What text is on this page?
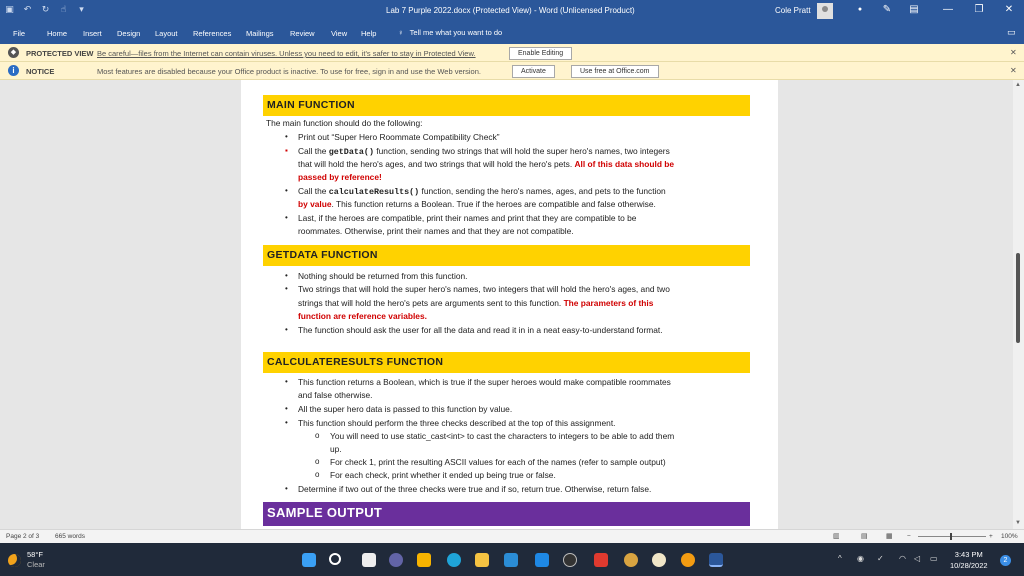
▣ ↶ ↻	☝	▾	Lab 7 Purple 2022.docx (Protected View) - Word (Unlicensed Product)	Cole Pratt	●	✎ ▤ — ❐ ✕
File	Home Insert Design Layout References Mailings Review View Help	♀ Tell me what you want to do	▭
◆	PROTECTED VIEW Be careful—files from the Internet can contain viruses. Unless you need to edit, it's safer to stay in Protected View.	Enable Editing	✕
i	NOTICE	Most features are disabled because your Office product is inactive. To use for free, sign in and use the Web version.	Activate	Use free at Office.com	✕
MAIN FUNCTION
The main function should do the following:
• Print out “Super Hero Roommate Compatibility Check”
▪ Call the getData() function, sending two strings that will hold the super hero's names, two integers
that will hold the hero's ages, and two strings that will hold the hero's pets. All of this data should be
passed by reference!
• Call the calculateResults() function, sending the hero's names, ages, and pets to the function
by value. This function returns a Boolean. True if the heroes are compatible and false otherwise.
• Last, if the heroes are compatible, print their names and print that they are compatible to be
roommates. Otherwise, print their names and that they are not compatible.
GETDATA FUNCTION
• Nothing should be returned from this function.
• Two strings that will hold the super hero's names, two integers that will hold the hero's ages, and two
strings that will hold the hero's pets are arguments sent to this function. The parameters of this
function are reference variables.
• The function should ask the user for all the data and read it in in a neat easy-to-understand format.
CALCULATERESULTS FUNCTION
• This function returns a Boolean, which is true if the super heroes would make compatible roommates
and false otherwise.
• All the super hero data is passed to this function by value.
• This function should perform the three checks described at the top of this assignment.
o You will need to use static_cast<int> to cast the characters to integers to be able to add them
up.
o For check 1, print the resulting ASCII values for each of the names (refer to sample output)
o For each check, print whether it ended up being true or false.
• Determine if two out of the three checks were true and if so, return true. Otherwise, return false.
SAMPLE OUTPUT
▲
▼
Page 2 of 3 665 words	▥	▤	▦ −	+ 100%
58°F
Clear
^ ◉ ✓ ◠ ◁ ▭	3:43 PM
10/28/2022
2
